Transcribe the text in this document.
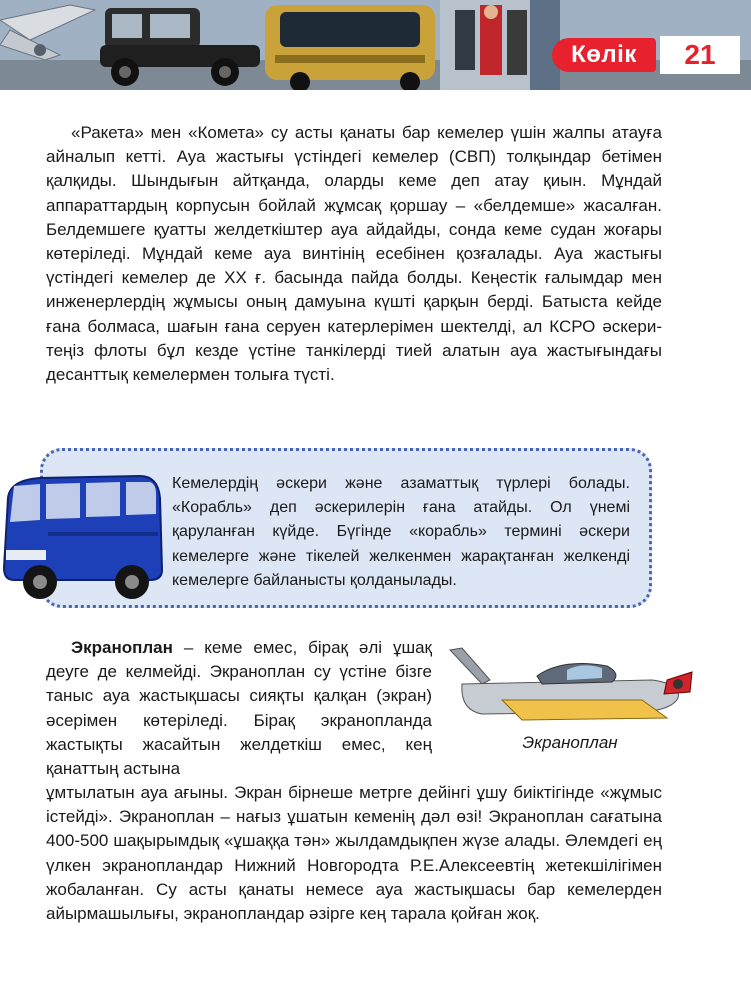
Көлік	21

«Ракета» мен «Комета» су асты қанаты бар кемелер үшін жалпы атауға айналып кетті. Ауа жастығы үстіндегі кемелер (СВП) толқындар бетімен қалқиды. Шындығын айтқанда, оларды кеме деп атау қиын. Мұндай аппараттардың корпусын бойлай жұмсақ қоршау – «белдемше» жасалған. Белдемшеге қуатты желдеткіштер ауа айдайды, сонда кеме судан жоғары көтеріледі. Мұндай кеме ауа винтінің есебінен қозғалады. Ауа жастығы үстіндегі кемелер де ХХ ғ. басында пайда болды. Кеңестік ғалымдар мен инженерлердің жұмысы оның дамуына күшті қарқын берді. Батыста кейде ғана болмаса, шағын ғана серуен катерлерімен шектелді, ал КСРО әскери-теңіз флоты бұл кезде үстіне танкілерді тией алатын ауа жастығындағы десанттық кемелермен толыға түсті.

Кемелердің әскери және азаматтық түрлері болады. «Корабль» деп әскерилерін ғана атайды. Ол үнемі қаруланған күйде. Бүгінде «корабль» термині әскери кемелерге және тікелей желкенмен жарақтанған желкенді кемелерге байланысты қолданылады.

Экраноплан – кеме емес, бірақ әлі ұшақ деуге де келмейді. Экраноплан су үстіне бізге таныс ауа жастықшасы сияқты қалқан (экран) әсерімен көтеріледі. Бірақ экранопланда жастықты жасайтын желдеткіш емес, кең қанаттың астына

Экраноплан

ұмтылатын ауа ағыны. Экран бірнеше метрге дейінгі ұшу биіктігінде «жұмыс істейді». Экраноплан – нағыз ұшатын кеменің дәл өзі! Экраноплан сағатына 400-500 шақырымдық «ұшаққа тән» жылдамдықпен жүзе алады. Әлемдегі ең үлкен экранопландар Нижний Новгородта Р.Е.Алексеевтің жетекшілігімен жобаланған. Су асты қанаты немесе ауа жастықшасы бар кемелерден айырмашылығы, экранопландар әзірге кең тарала қойған жоқ.
